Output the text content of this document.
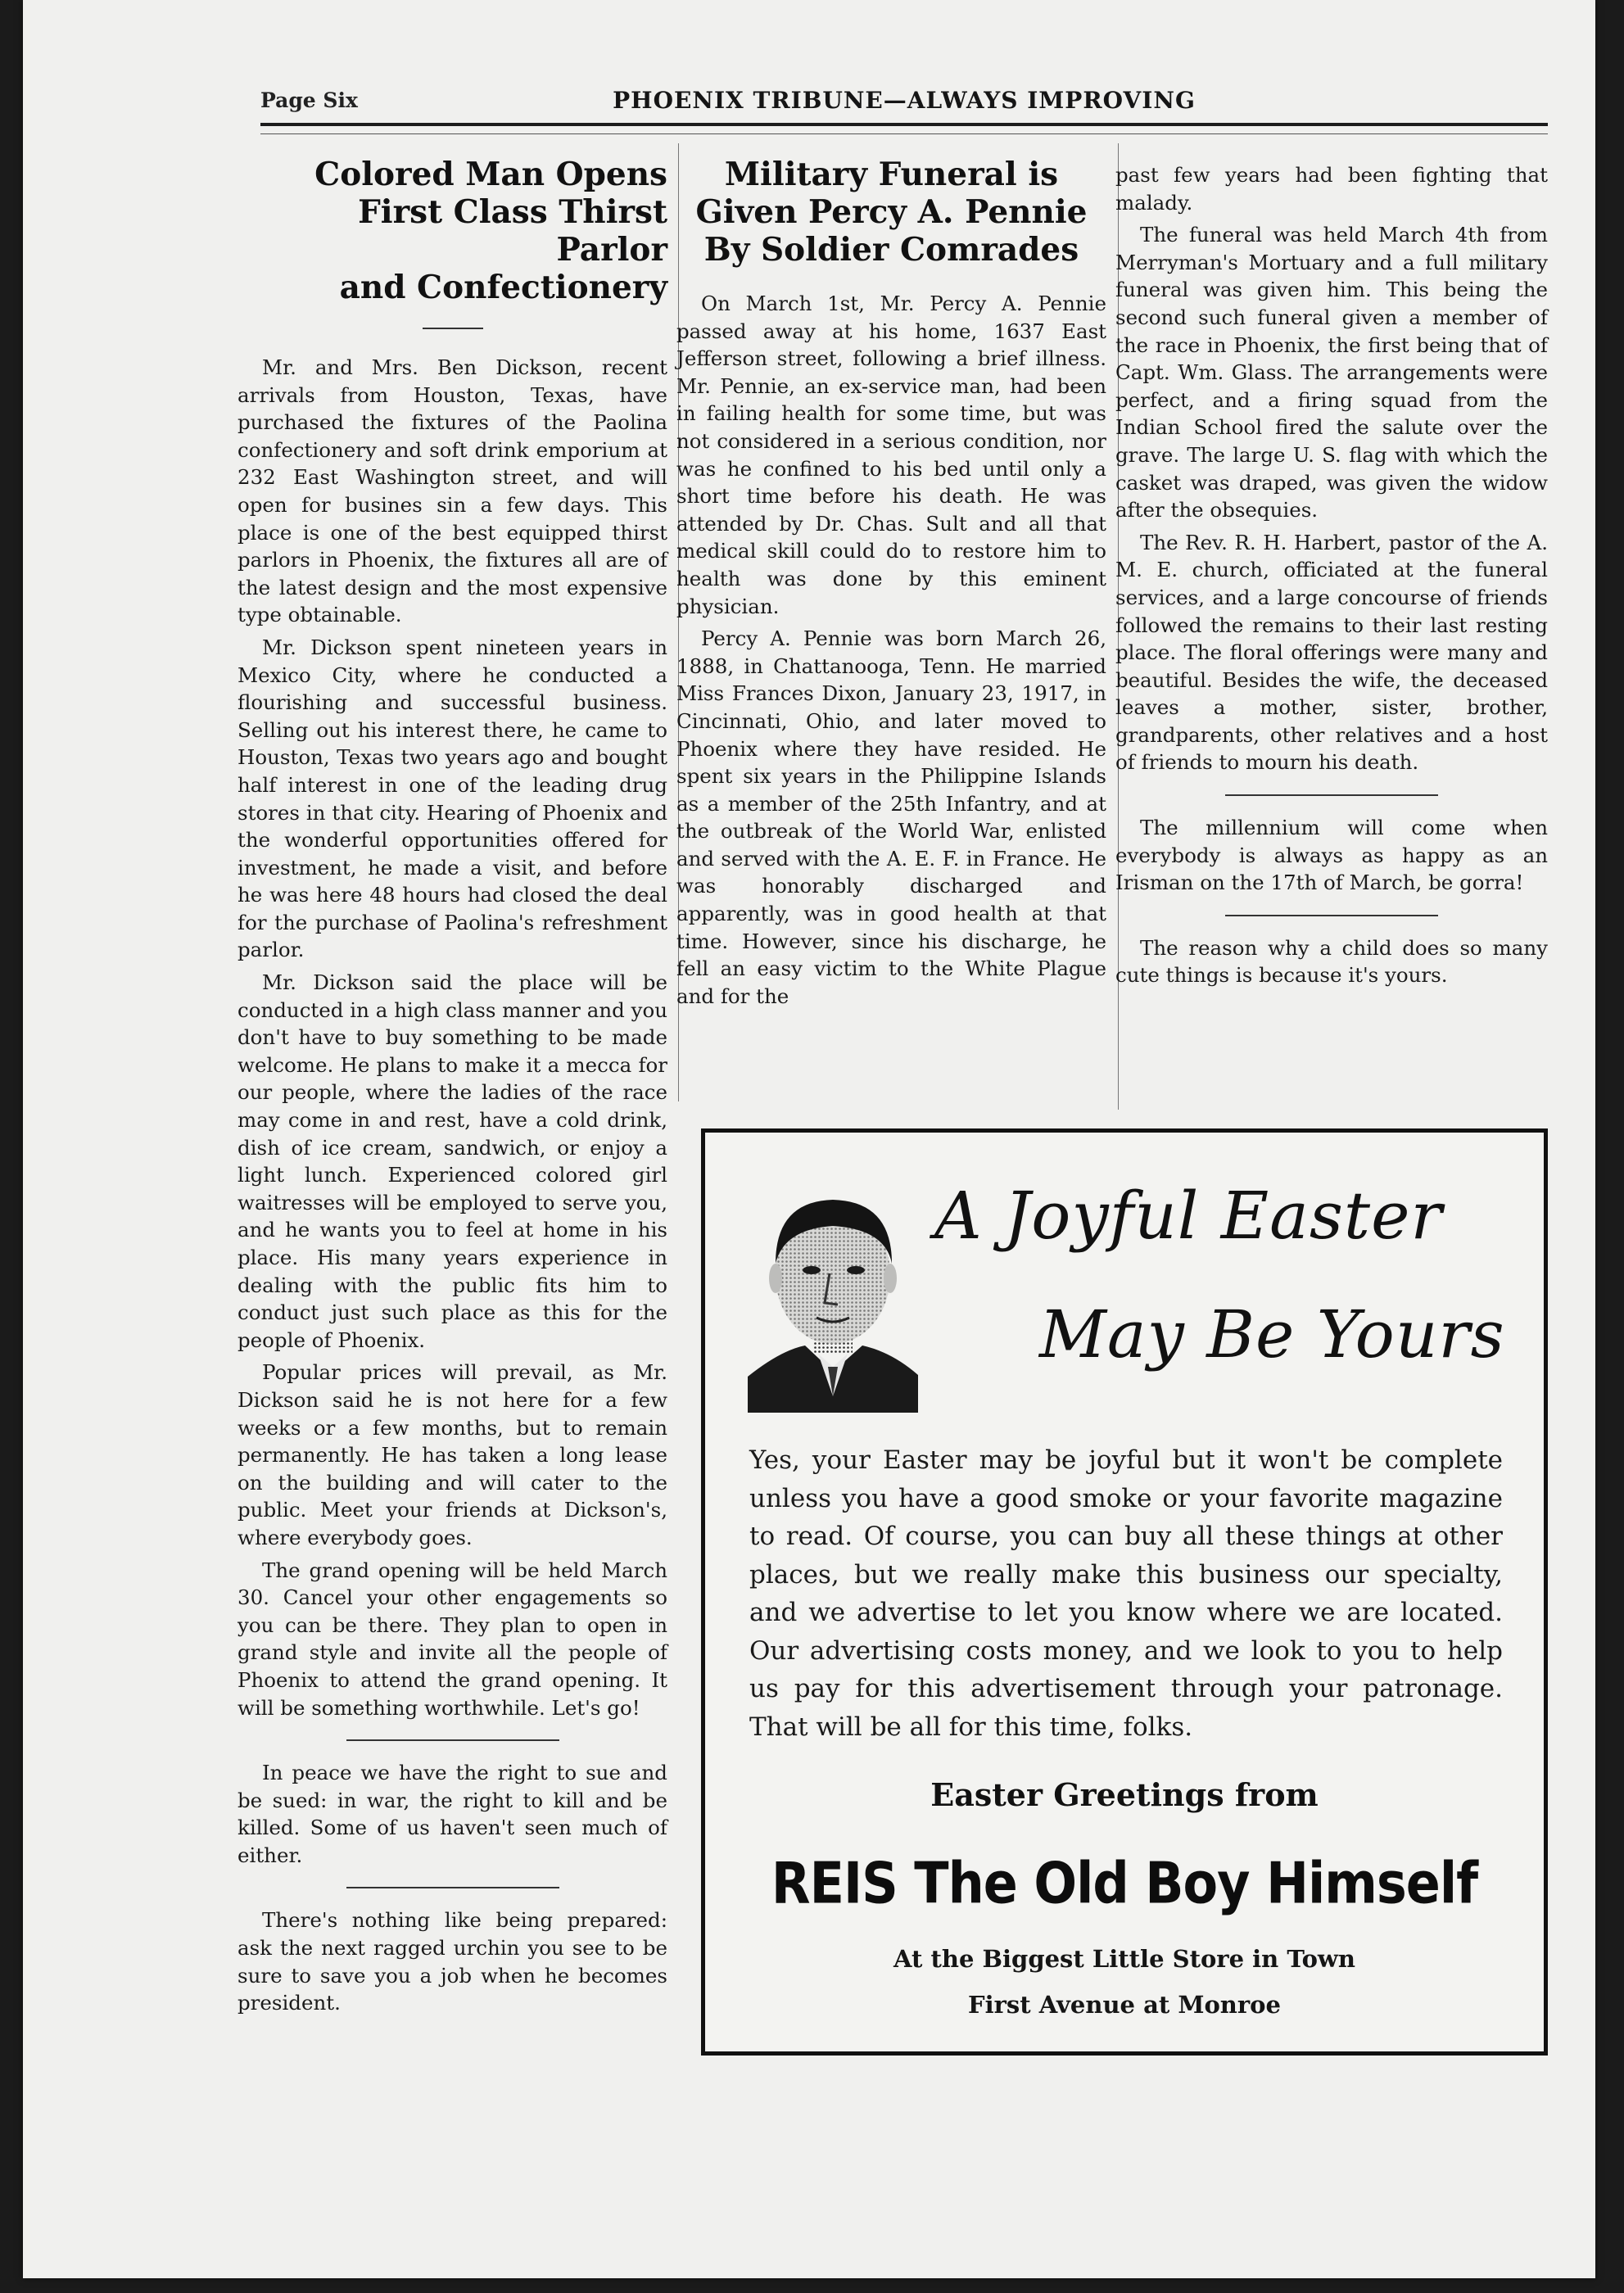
Page Six	PHOENIX TRIBUNE—ALWAYS IMPROVING
Colored Man Opens
First Class Thirst Parlor
and Confectionery

Mr. and Mrs. Ben Dickson, recent arrivals from Houston, Texas, have purchased the fixtures of the Paolina confectionery and soft drink emporium at 232 East Washington street, and will open for busines sin a few days. This place is one of the best equipped thirst parlors in Phoenix, the fixtures all are of the latest design and the most expensive type obtainable.

Mr. Dickson spent nineteen years in Mexico City, where he conducted a flourishing and successful business. Selling out his interest there, he came to Houston, Texas two years ago and bought half interest in one of the leading drug stores in that city. Hearing of Phoenix and the wonderful opportunities offered for investment, he made a visit, and before he was here 48 hours had closed the deal for the purchase of Paolina's refreshment parlor.

Mr. Dickson said the place will be conducted in a high class manner and you don't have to buy something to be made welcome. He plans to make it a mecca for our people, where the ladies of the race may come in and rest, have a cold drink, dish of ice cream, sandwich, or enjoy a light lunch. Experienced colored girl waitresses will be employed to serve you, and he wants you to feel at home in his place. His many years experience in dealing with the public fits him to conduct just such place as this for the people of Phoenix.

Popular prices will prevail, as Mr. Dickson said he is not here for a few weeks or a few months, but to remain permanently. He has taken a long lease on the building and will cater to the public. Meet your friends at Dickson's, where everybody goes.

The grand opening will be held March 30. Cancel your other engagements so you can be there. They plan to open in grand style and invite all the people of Phoenix to attend the grand opening. It will be something worthwhile. Let's go!

In peace we have the right to sue and be sued: in war, the right to kill and be killed. Some of us haven't seen much of either.

There's nothing like being prepared: ask the next ragged urchin you see to be sure to save you a job when he becomes president.

Military Funeral is
Given Percy A. Pennie
By Soldier Comrades

On March 1st, Mr. Percy A. Pennie passed away at his home, 1637 East Jefferson street, following a brief illness. Mr. Pennie, an ex-service man, had been in failing health for some time, but was not considered in a serious condition, nor was he confined to his bed until only a short time before his death. He was attended by Dr. Chas. Sult and all that medical skill could do to restore him to health was done by this eminent physician.

Percy A. Pennie was born March 26, 1888, in Chattanooga, Tenn. He married Miss Frances Dixon, January 23, 1917, in Cincinnati, Ohio, and later moved to Phoenix where they have resided. He spent six years in the Philippine Islands as a member of the 25th Infantry, and at the outbreak of the World War, enlisted and served with the A. E. F. in France. He was honorably discharged and apparently, was in good health at that time. However, since his discharge, he fell an easy victim to the White Plague and for the

past few years had been fighting that malady.

The funeral was held March 4th from Merryman's Mortuary and a full military funeral was given him. This being the second such funeral given a member of the race in Phoenix, the first being that of Capt. Wm. Glass. The arrangements were perfect, and a firing squad from the Indian School fired the salute over the grave. The large U. S. flag with which the casket was draped, was given the widow after the obsequies.

The Rev. R. H. Harbert, pastor of the A. M. E. church, officiated at the funeral services, and a large concourse of friends followed the remains to their last resting place. The floral offerings were many and beautiful. Besides the wife, the deceased leaves a mother, sister, brother, grandparents, other relatives and a host of friends to mourn his death.

The millennium will come when everybody is always as happy as an Irisman on the 17th of March, be gorra!

The reason why a child does so many cute things is because it's yours.

A Joyful Easter
May Be Yours
Yes, your Easter may be joyful but it won't be complete unless you have a good smoke or your favorite magazine to read. Of course, you can buy all these things at other places, but we really make this business our specialty, and we advertise to let you know where we are located. Our advertising costs money, and we look to you to help us pay for this advertisement through your patronage. That will be all for this time, folks.
Easter Greetings from
REIS The Old Boy Himself
At the Biggest Little Store in Town
First Avenue at Monroe
